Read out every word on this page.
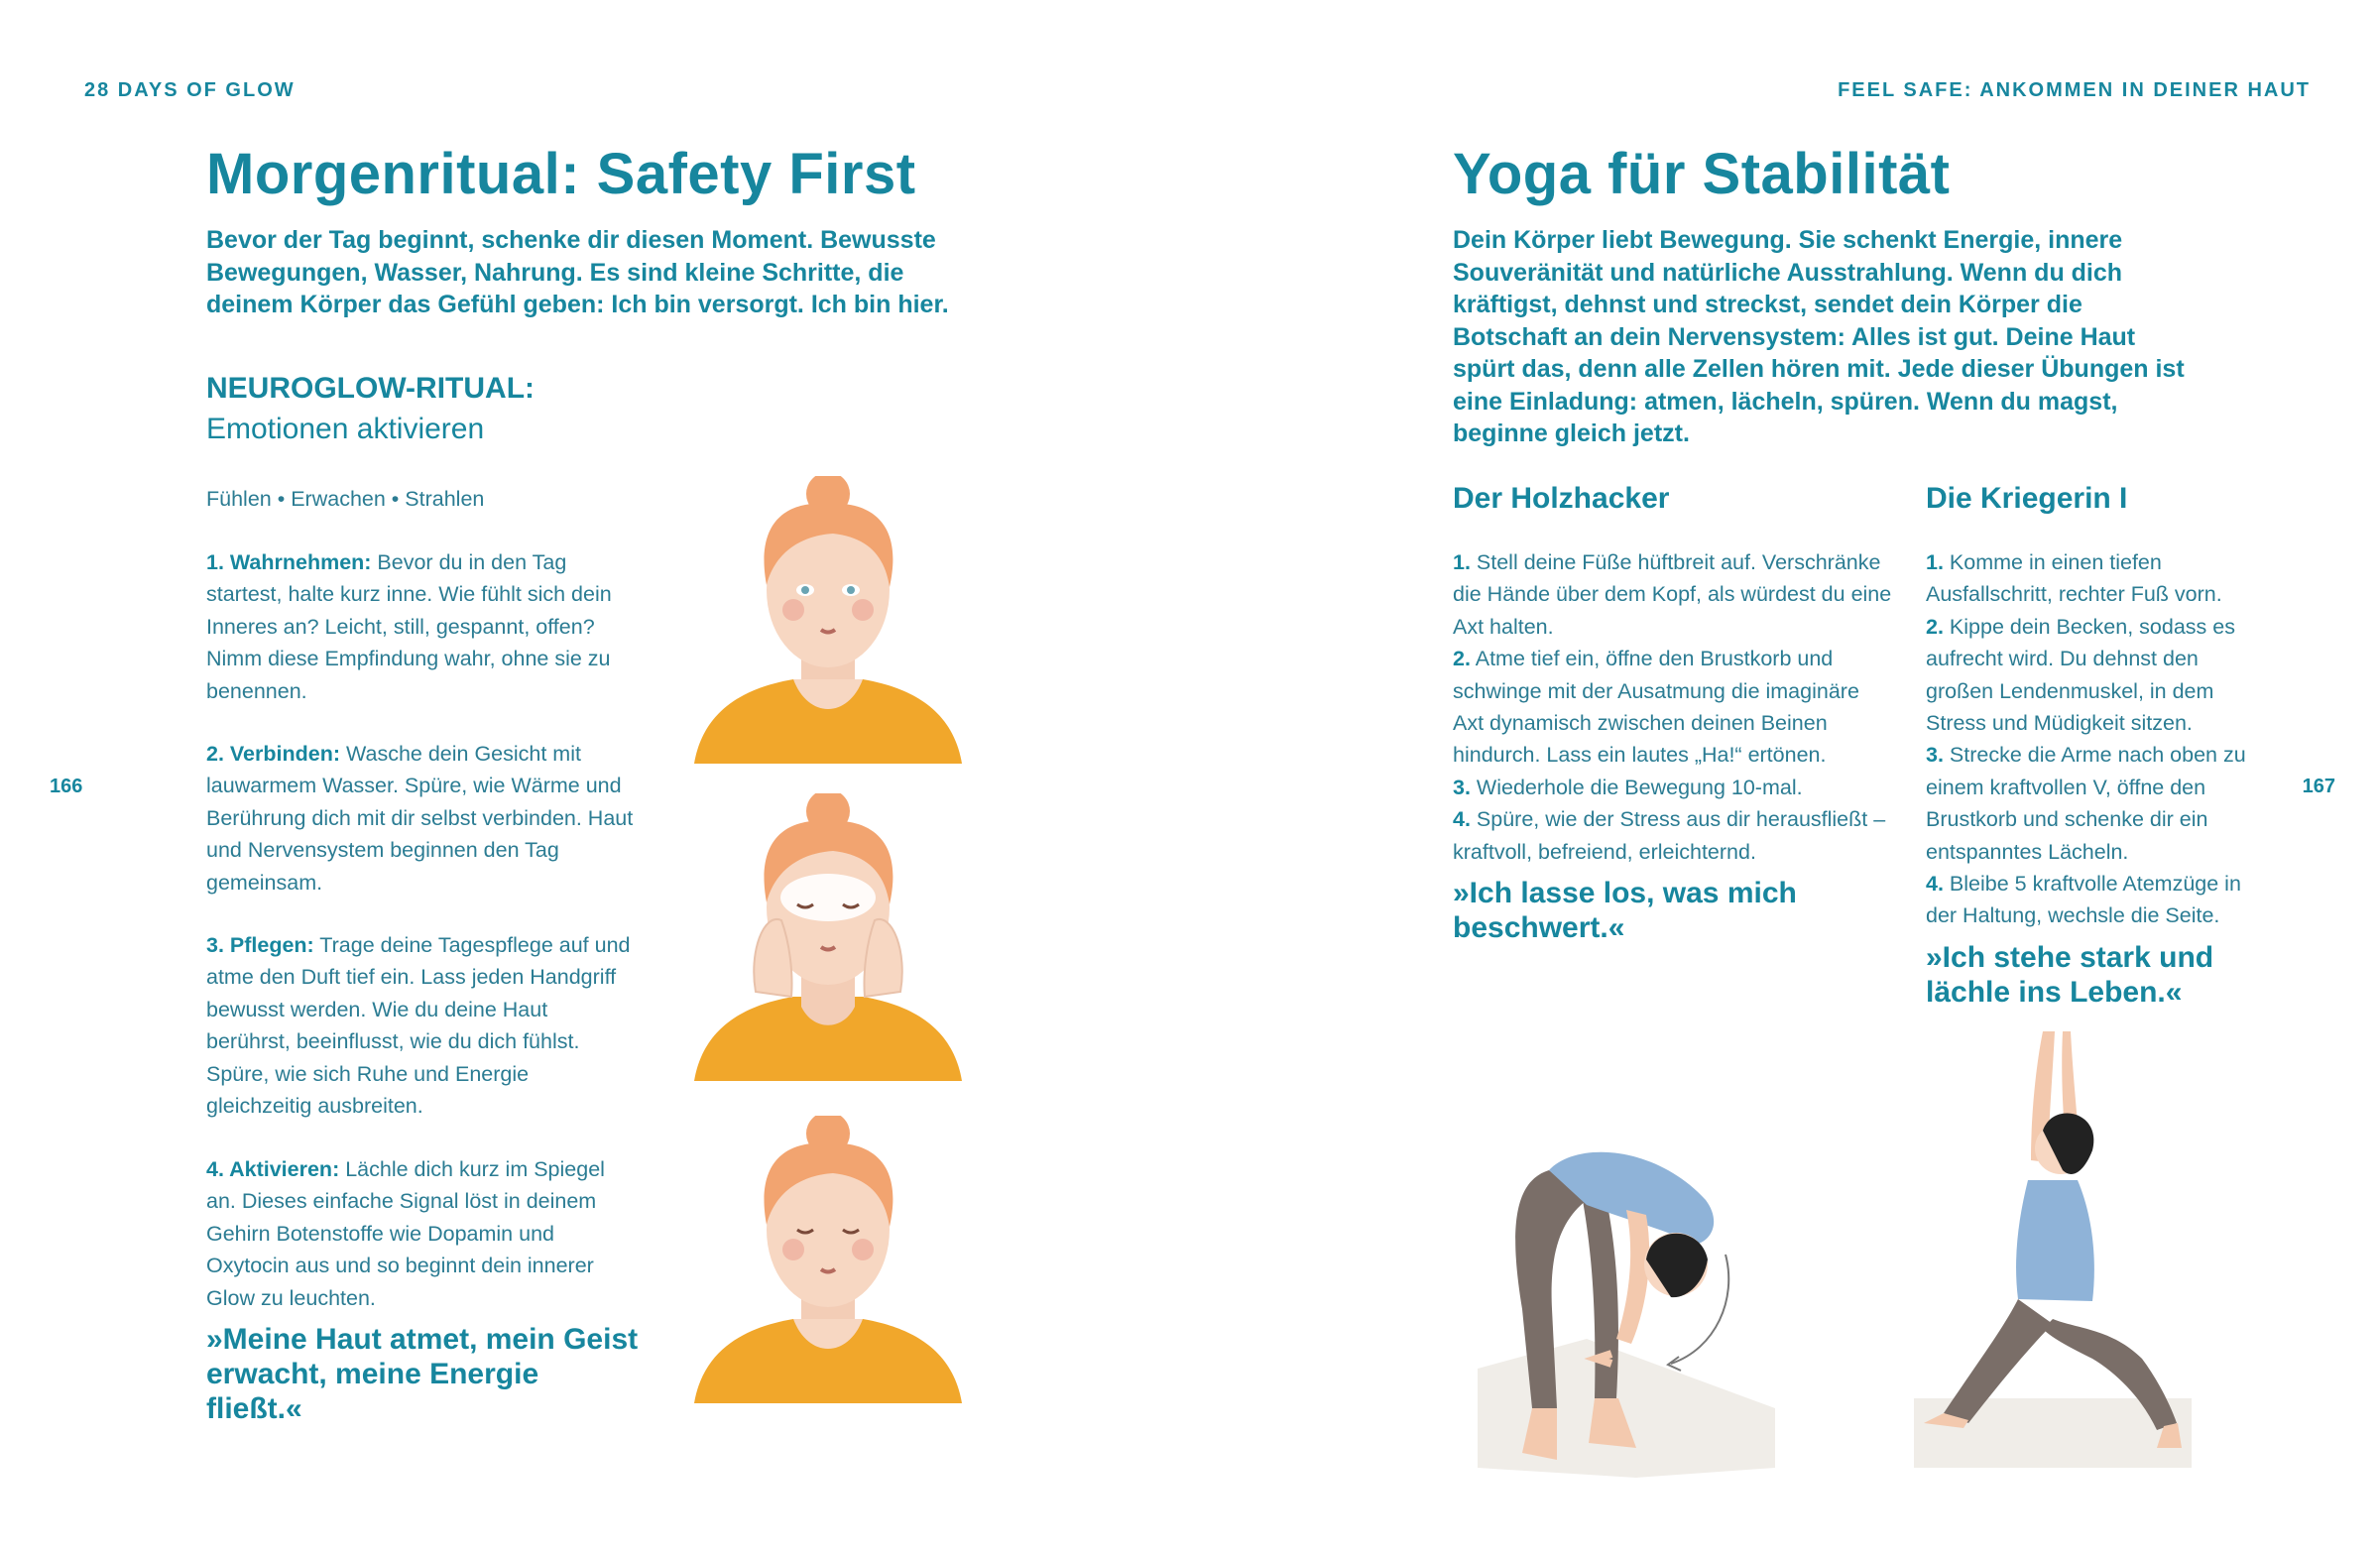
28 DAYS OF GLOW
166
Morgenritual: Safety First

Bevor der Tag beginnt, schenke dir diesen Moment. Bewusste Bewegungen, Wasser, Nahrung. Es sind kleine Schritte, die deinem Körper das Gefühl geben: Ich bin versorgt. Ich bin hier.

NEUROGLOW-RITUAL:
Emotionen aktivieren

Fühlen • Erwachen • Strahlen

1. Wahrnehmen: Bevor du in den Tag startest, halte kurz inne. Wie fühlt sich dein Inneres an? Leicht, still, gespannt, offen? Nimm diese Empfindung wahr, ohne sie zu benennen.

2. Verbinden: Wasche dein Gesicht mit lauwarmem Wasser. Spüre, wie Wärme und Berührung dich mit dir selbst verbinden. Haut und Nervensystem beginnen den Tag gemeinsam.

3. Pflegen: Trage deine Tagespflege auf und atme den Duft tief ein. Lass jeden Handgriff bewusst werden. Wie du deine Haut berührst, beeinflusst, wie du dich fühlst. Spüre, wie sich Ruhe und Energie gleichzeitig ausbreiten.

4. Aktivieren: Lächle dich kurz im Spiegel an. Dieses einfache Signal löst in deinem Gehirn Botenstoffe wie Dopamin und Oxytocin aus und so beginnt dein innerer Glow zu leuchten.

»Meine Haut atmet, mein Geist erwacht, meine Energie fließt.«

FEEL SAFE: ANKOMMEN IN DEINER HAUT
167
Yoga für Stabilität

Dein Körper liebt Bewegung. Sie schenkt Energie, innere Souveränität und natürliche Ausstrahlung. Wenn du dich kräftigst, dehnst und streckst, sendet dein Körper die Botschaft an dein Nervensystem: Alles ist gut. Deine Haut spürt das, denn alle Zellen hören mit. Jede dieser Übungen ist eine Einladung: atmen, lächeln, spüren. Wenn du magst, beginne gleich jetzt.

Der Holzhacker

1. Stell deine Füße hüftbreit auf. Verschränke die Hände über dem Kopf, als würdest du eine Axt halten.

2. Atme tief ein, öffne den Brustkorb und schwinge mit der Ausatmung die imaginäre Axt dynamisch zwischen deinen Beinen hindurch. Lass ein lautes „Ha!“ ertönen.

3. Wiederhole die Bewegung 10-mal.

4. Spüre, wie der Stress aus dir herausfließt – kraftvoll, befreiend, erleichternd.

»Ich lasse los, was mich beschwert.«

Die Kriegerin I

1. Komme in einen tiefen Ausfallschritt, rechter Fuß vorn.

2. Kippe dein Becken, sodass es aufrecht wird. Du dehnst den großen Lendenmuskel, in dem Stress und Müdigkeit sitzen.

3. Strecke die Arme nach oben zu einem kraftvollen V, öffne den Brustkorb und schenke dir ein entspanntes Lächeln.

4. Bleibe 5 kraftvolle Atemzüge in der Haltung, wechsle die Seite.

»Ich stehe stark und lächle ins Leben.«
